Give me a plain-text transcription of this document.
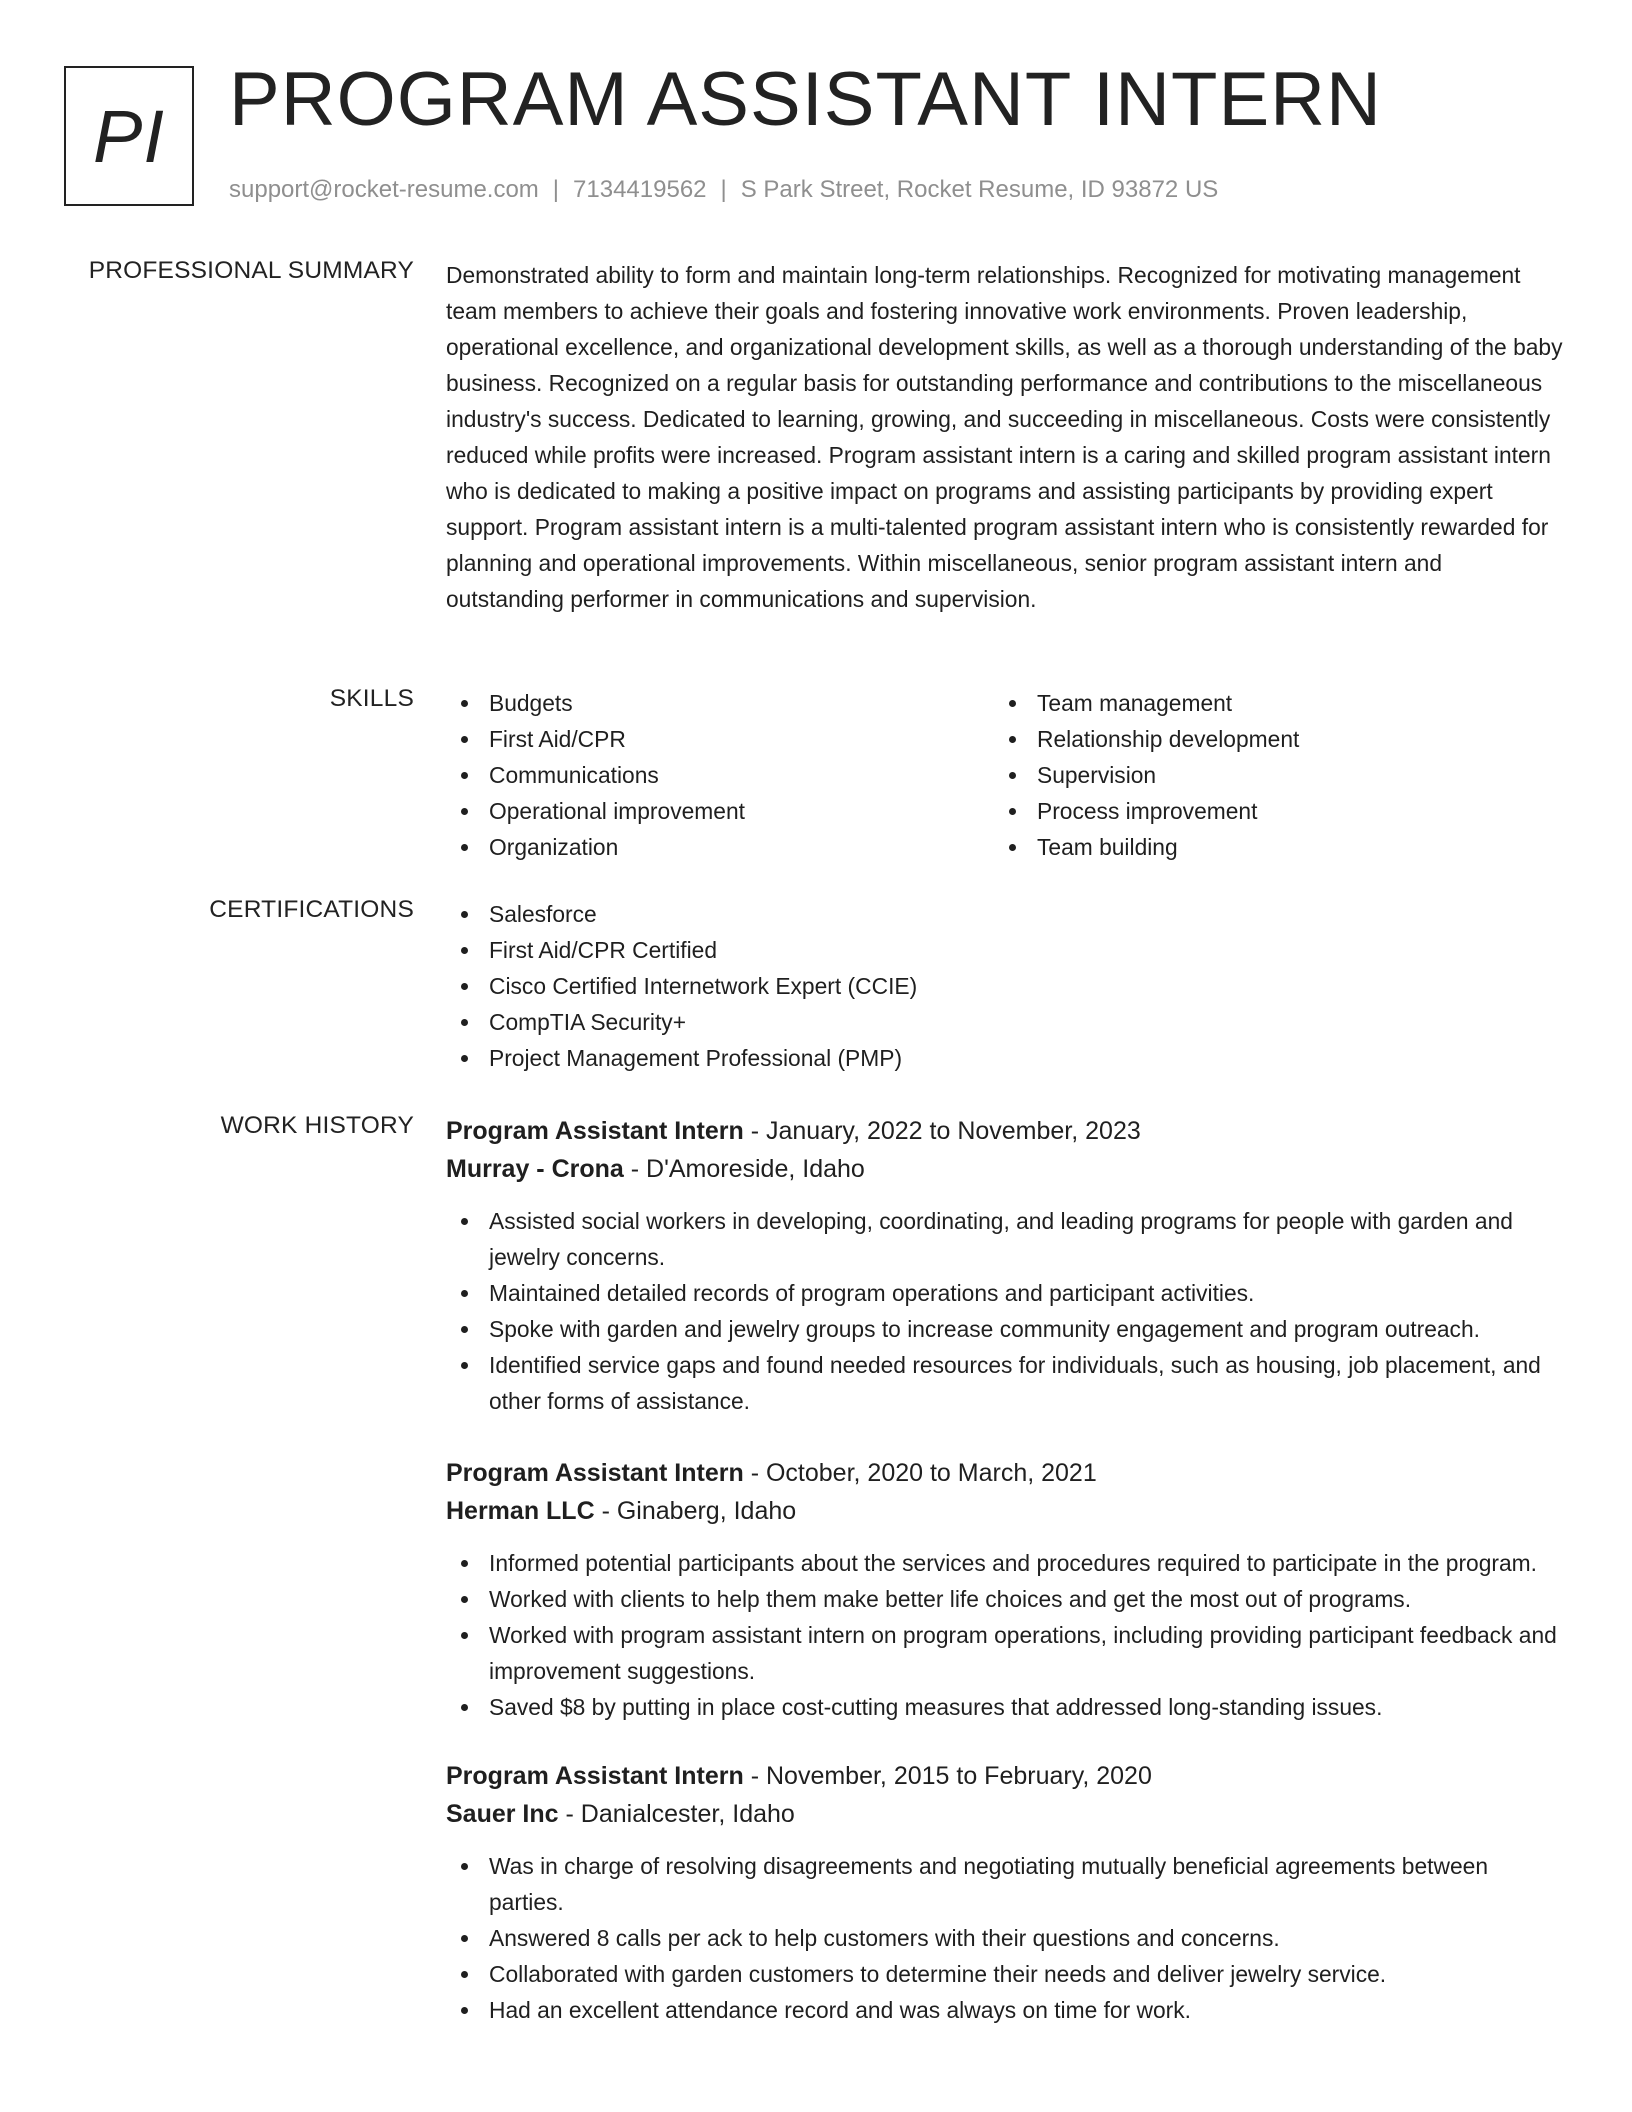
PI PROGRAM ASSISTANT INTERN
support@rocket-resume.com | 7134419562 | S Park Street, Rocket Resume, ID 93872 US
PROFESSIONAL SUMMARY Demonstrated ability to form and maintain long-term relationships. Recognized for motivating management team members to achieve their goals and fostering innovative work environments. Proven leadership, operational excellence, and organizational development skills, as well as a thorough understanding of the baby business. Recognized on a regular basis for outstanding performance and contributions to the miscellaneous industry's success. Dedicated to learning, growing, and succeeding in miscellaneous. Costs were consistently reduced while profits were increased. Program assistant intern is a caring and skilled program assistant intern who is dedicated to making a positive impact on programs and assisting participants by providing expert support. Program assistant intern is a multi-talented program assistant intern who is consistently rewarded for planning and operational improvements. Within miscellaneous, senior program assistant intern and outstanding performer in communications and supervision.

SKILLS	Budgets
First Aid/CPR
Communications
Operational improvement
Organization
Team management
Relationship development
Supervision
Process improvement
Team building
CERTIFICATIONS	Salesforce
First Aid/CPR Certified
Cisco Certified Internetwork Expert (CCIE)
CompTIA Security+
Project Management Professional (PMP)
WORK HISTORY Program Assistant Intern - January, 2022 to November, 2023
Murray - Crona - D'Amoreside, Idaho
Assisted social workers in developing, coordinating, and leading programs for people with garden and jewelry concerns.
Maintained detailed records of program operations and participant activities.
Spoke with garden and jewelry groups to increase community engagement and program outreach.
Identified service gaps and found needed resources for individuals, such as housing, job placement, and other forms of assistance.
Program Assistant Intern - October, 2020 to March, 2021
Herman LLC - Ginaberg, Idaho
Informed potential participants about the services and procedures required to participate in the program.
Worked with clients to help them make better life choices and get the most out of programs.
Worked with program assistant intern on program operations, including providing participant feedback and improvement suggestions.
Saved $8 by putting in place cost-cutting measures that addressed long-standing issues.
Program Assistant Intern - November, 2015 to February, 2020
Sauer Inc - Danialcester, Idaho
Was in charge of resolving disagreements and negotiating mutually beneficial agreements between parties.
Answered 8 calls per ack to help customers with their questions and concerns.
Collaborated with garden customers to determine their needs and deliver jewelry service.
Had an excellent attendance record and was always on time for work.
